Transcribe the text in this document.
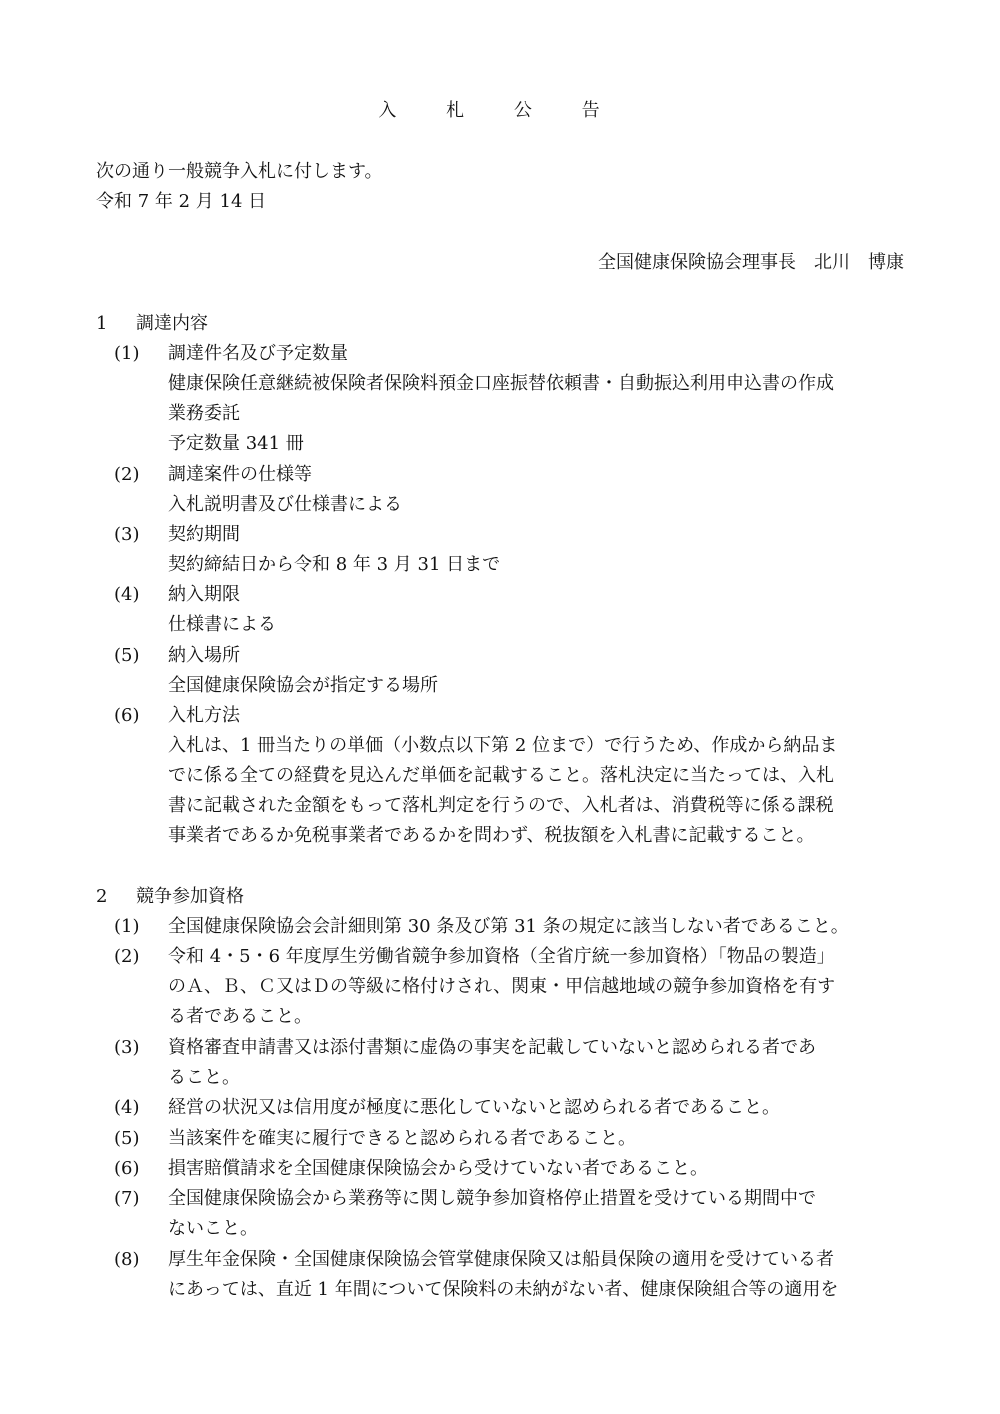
入 札 公 告
次の通り一般競争入札に付します。
令和 7 年 2 月 14 日
全国健康保険協会理事長　北川　博康
1 調達内容
(1) 調達件名及び予定数量
健康保険任意継続被保険者保険料預金口座振替依頼書・自動振込利用申込書の作成
業務委託
予定数量 341 冊
(2) 調達案件の仕様等
入札説明書及び仕様書による
(3) 契約期間
契約締結日から令和 8 年 3 月 31 日まで
(4) 納入期限
仕様書による
(5) 納入場所
全国健康保険協会が指定する場所
(6) 入札方法
入札は、1 冊当たりの単価（小数点以下第 2 位まで）で行うため、作成から納品ま
でに係る全ての経費を見込んだ単価を記載すること。落札決定に当たっては、入札
書に記載された金額をもって落札判定を行うので、入札者は、消費税等に係る課税
事業者であるか免税事業者であるかを問わず、税抜額を入札書に記載すること。
2 競争参加資格
(1) 全国健康保険協会会計細則第 30 条及び第 31 条の規定に該当しない者であること。
(2) 令和 4・5・6 年度厚生労働省競争参加資格（全省庁統一参加資格）「物品の製造」
のＡ、Ｂ、Ｃ又はＤの等級に格付けされ、関東・甲信越地域の競争参加資格を有す
る者であること。
(3) 資格審査申請書又は添付書類に虚偽の事実を記載していないと認められる者であ
ること。
(4) 経営の状況又は信用度が極度に悪化していないと認められる者であること。
(5) 当該案件を確実に履行できると認められる者であること。
(6) 損害賠償請求を全国健康保険協会から受けていない者であること。
(7) 全国健康保険協会から業務等に関し競争参加資格停止措置を受けている期間中で
ないこと。
(8) 厚生年金保険・全国健康保険協会管掌健康保険又は船員保険の適用を受けている者
にあっては、直近 1 年間について保険料の未納がない者、健康保険組合等の適用を
